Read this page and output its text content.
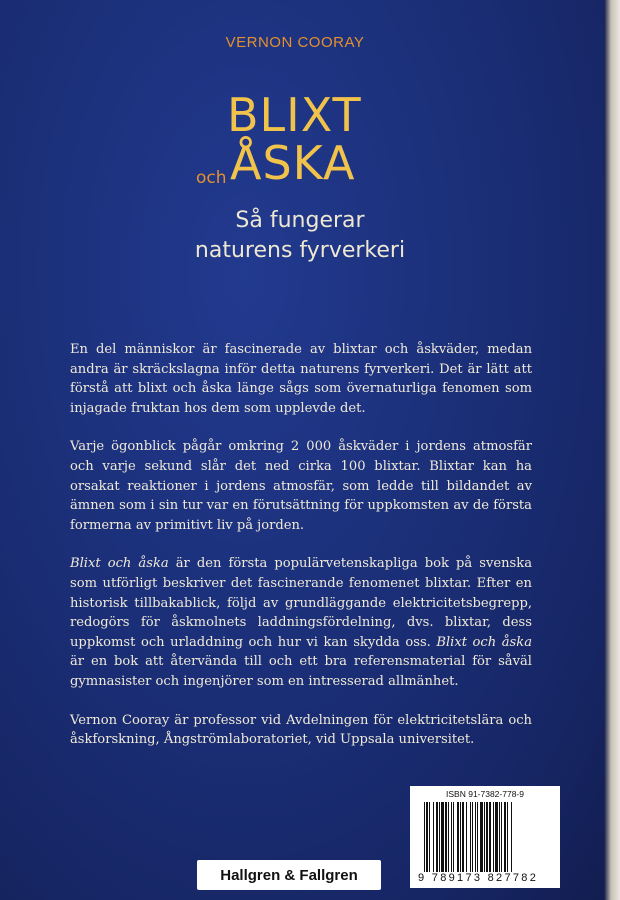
VERNON COORAY
BLIXT
och ÅSKA
Så fungerar
naturens fyrverkeri

En del människor är fascinerade av blixtar och åskväder, medan andra är skräckslagna inför detta naturens fyrverkeri. Det är lätt att förstå att blixt och åska länge sågs som övernaturliga fenomen som injagade fruktan hos dem som upplevde det.

Varje ögonblick pågår omkring 2 000 åskväder i jordens atmosfär och varje sekund slår det ned cirka 100 blixtar. Blixtar kan ha orsakat reaktioner i jordens atmosfär, som ledde till bildandet av ämnen som i sin tur var en förutsättning för uppkomsten av de första formerna av primitivt liv på jorden.

Blixt och åska är den första populärvetenskapliga bok på svenska som utförligt beskriver det fascinerande fenomenet blixtar. Efter en historisk tillbakablick, följd av grundläggande elektricitetsbegrepp, redogörs för åskmolnets laddningsfördelning, dvs. blixtar, dess uppkomst och urladdning och hur vi kan skydda oss. Blixt och åska är en bok att återvända till och ett bra referensmaterial för såväl gymnasister och ingenjörer som en intresserad allmänhet.

Vernon Cooray är professor vid Avdelningen för elektricitetslära och åskforskning, Ångströmlaboratoriet, vid Uppsala universitet.

ISBN 91-7382-778-9
9 789173 827782
Hallgren & Fallgren
